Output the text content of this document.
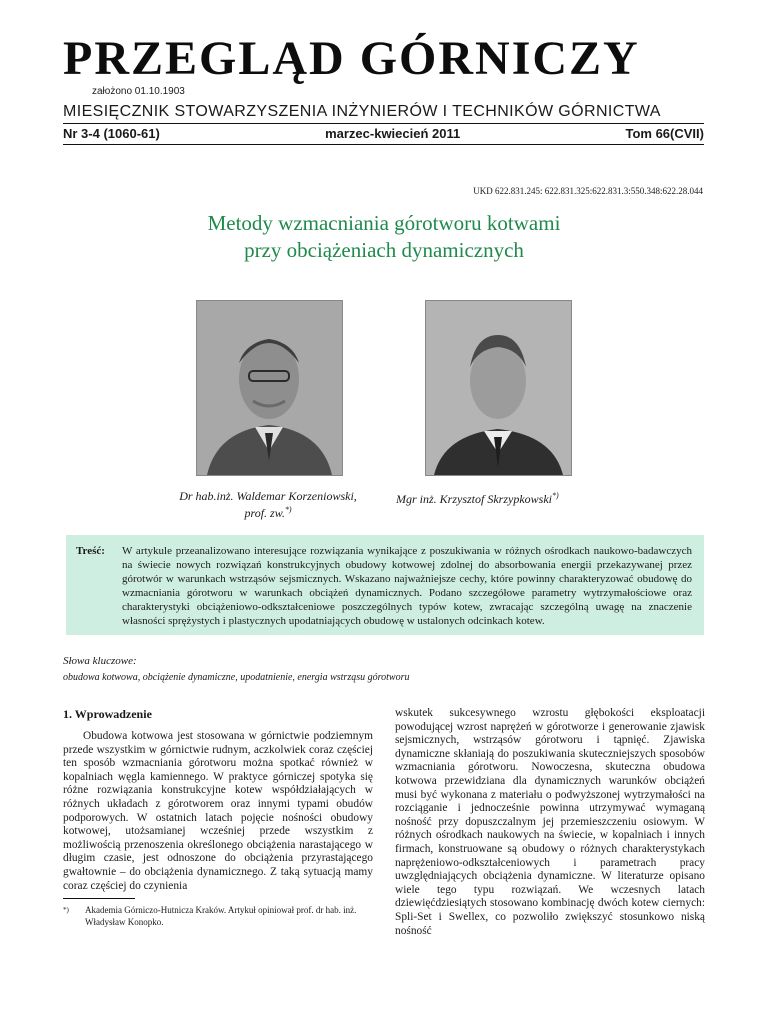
PRZEGLĄD GÓRNICZY
założono 01.10.1903
MIESIĘCZNIK STOWARZYSZENIA INŻYNIERÓW I TECHNIKÓW GÓRNICTWA
Nr 3-4 (1060-61)	marzec-kwiecień 2011	Tom 66(CVII)
UKD 622.831.245: 622.831.325:622.831.3:550.348:622.28.044
Metody wzmacniania górotworu kotwami
przy obciążeniach dynamicznych
Dr hab.inż. Waldemar Korzeniowski,
prof. zw.*)
Mgr inż. Krzysztof Skrzypkowski*)
Treść:	W artykule przeanalizowano interesujące rozwiązania wynikające z poszukiwania w różnych ośrodkach naukowo-badawczych na świecie nowych rozwiązań konstrukcyjnych obudowy kotwowej zdolnej do absorbowania energii przekazywanej przez górotwór w warunkach wstrząsów sejsmicznych. Wskazano najważniejsze cechy, które powinny charakteryzować obudowę do wzmacniania górotworu w warunkach obciążeń dynamicznych. Podano szczegółowe parametry wytrzymałościowe oraz charakterystyki obciążeniowo-odkształceniowe poszczególnych typów kotew, zwracając szczególną uwagę na znaczenie własności sprężystych i plastycznych upodatniających obudowę w ustalonych odcinkach kotew.
Słowa kluczowe:
obudowa kotwowa, obciążenie dynamiczne, upodatnienie, energia wstrząsu górotworu
1. Wprowadzenie
Obudowa kotwowa jest stosowana w górnictwie podziemnym przede wszystkim w górnictwie rudnym, aczkolwiek coraz częściej ten sposób wzmacniania górotworu można spotkać również w kopalniach węgla kamiennego. W praktyce górniczej spotyka się różne rozwiązania konstrukcyjne kotew współdziałających w różnych układach z górotworem oraz innymi typami obudów podporowych. W ostatnich latach pojęcie nośności obudowy kotwowej, utożsamianej wcześniej przede wszystkim z możliwością przenoszenia określonego obciążenia narastającego w długim czasie, jest odnoszone do obciążenia przyrastającego gwałtownie – do obciążenia dynamicznego. Z taką sytuacją mamy coraz częściej do czynienia
wskutek sukcesywnego wzrostu głębokości eksploatacji powodującej wzrost naprężeń w górotworze i generowanie zjawisk sejsmicznych, wstrząsów górotworu i tąpnięć. Zjawiska dynamiczne skłaniają do poszukiwania skuteczniejszych sposobów wzmacniania górotworu. Nowoczesna, skuteczna obudowa kotwowa przewidziana dla dynamicznych warunków obciążeń musi być wykonana z materiału o podwyższonej wytrzymałości na rozciąganie i jednocześnie powinna utrzymywać wymaganą nośność przy dopuszczalnym jej przemieszczeniu osiowym. W różnych ośrodkach naukowych na świecie, w kopalniach i innych firmach, konstruowane są obudowy o różnych charakterystykach naprężeniowo-odkształceniowych i parametrach pracy uwzględniających obciążenia dynamiczne. W literaturze opisano wiele tego typu rozwiązań. We wczesnych latach dziewięćdziesiątych stosowano kombinację dwóch kotew ciernych: Spli-Set i Swellex, co pozwoliło zwiększyć stosunkowo niską nośność
*)	Akademia Górniczo-Hutnicza Kraków. Artykuł opiniował prof. dr hab. inż. Władysław Konopko.
